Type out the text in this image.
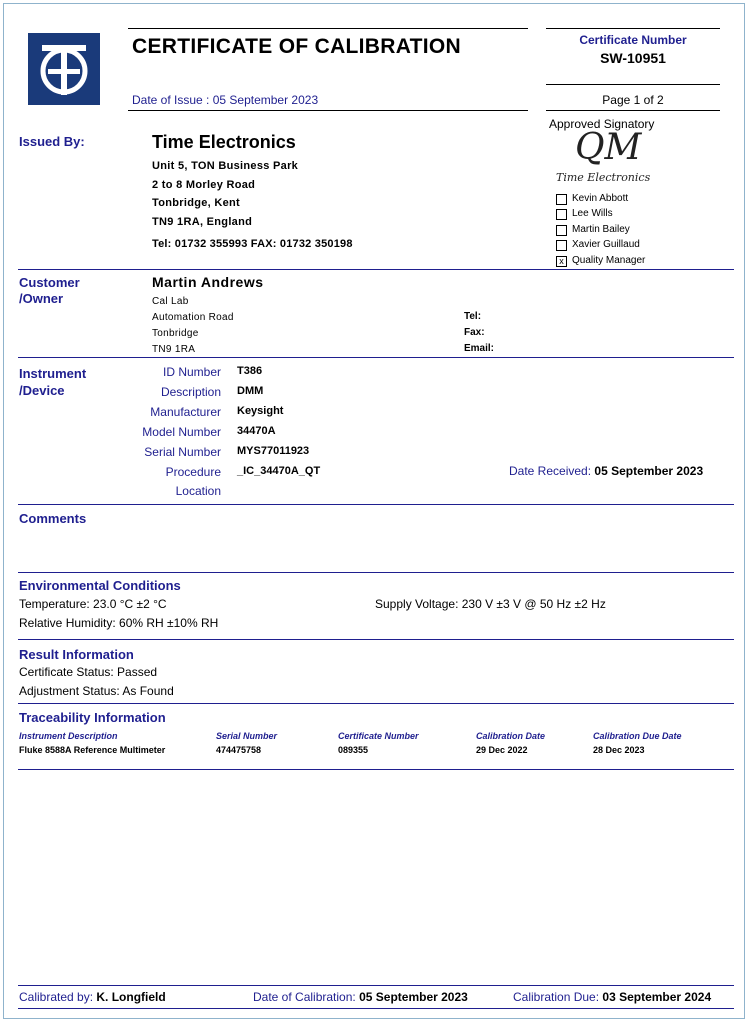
CERTIFICATE OF CALIBRATION
Date of Issue : 05 September 2023
Certificate Number
SW-10951
Page 1 of 2
Issued By:	Time Electronics
Unit 5, TON Business Park
2 to 8 Morley Road
Tonbridge, Kent
TN9 1RA, England
Tel: 01732 355993 FAX: 01732 350198
Approved Signatory
QM
Time Electronics
Kevin Abbott
Lee Wills
Martin Bailey
Xavier Guillaud
x Quality Manager
Customer
/Owner
Martin Andrews
Cal Lab
Automation Road
Tonbridge
TN9 1RA
Tel:
Fax:
Email:
Instrument
/Device
ID Number T386
Description DMM
Manufacturer Keysight
Model Number 34470A
Serial Number MYS77011923
Procedure _IC_34470A_QT
Location
Date Received: 05 September 2023
Comments
Environmental Conditions
Temperature: 23.0 °C ±2 °C
Relative Humidity: 60% RH ±10% RH
Supply Voltage: 230 V ±3 V @ 50 Hz ±2 Hz
Result Information
Certificate Status: Passed
Adjustment Status: As Found
Traceability Information
Instrument Description	Serial Number	Certificate Number	Calibration Date	Calibration Due Date
Fluke 8588A Reference Multimeter	474475758	089355	29 Dec 2022	28 Dec 2023
Calibrated by: K. Longfield	Date of Calibration: 05 September 2023	Calibration Due: 03 September 2024
